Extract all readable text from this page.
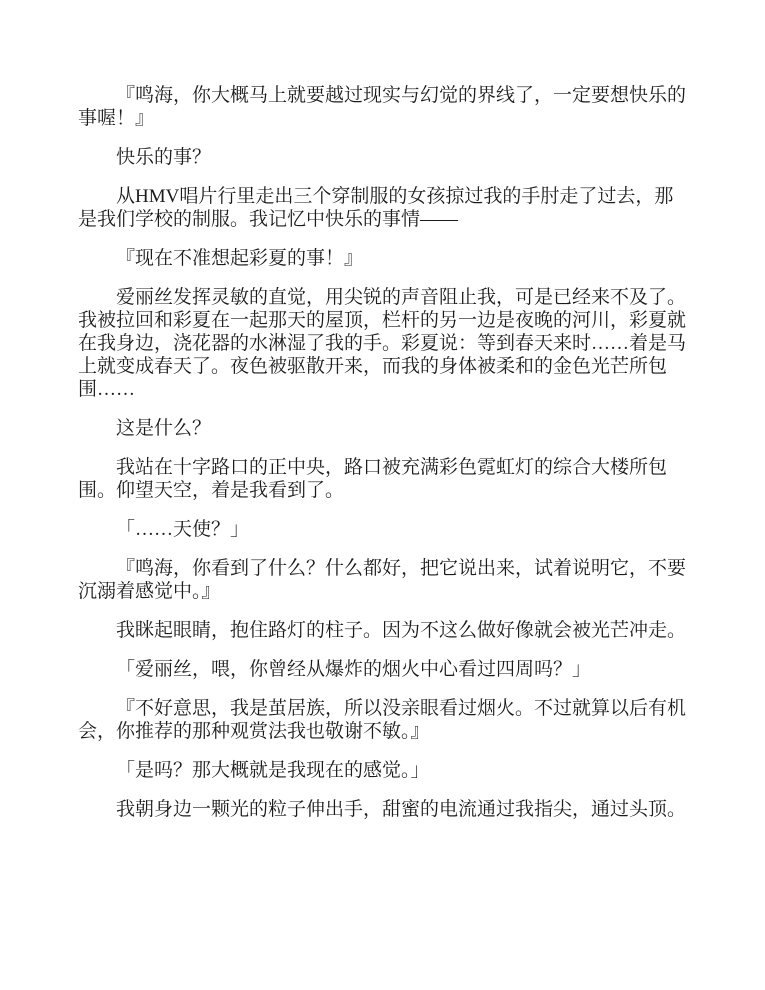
『鸣海，你大概马上就要越过现实与幻觉的界线了，一定要想快乐的事喔！』

快乐的事？

从HMV唱片行里走出三个穿制服的女孩掠过我的手肘走了过去，那是我们学校的制服。我记忆中快乐的事情——

『现在不准想起彩夏的事！』

爱丽丝发挥灵敏的直觉，用尖锐的声音阻止我，可是已经来不及了。我被拉回和彩夏在一起那天的屋顶，栏杆的另一边是夜晚的河川，彩夏就在我身边，浇花器的水淋湿了我的手。彩夏说：等到春天来时……着是马上就变成春天了。夜色被驱散开来，而我的身体被柔和的金色光芒所包围……

这是什么？

我站在十字路口的正中央，路口被充满彩色霓虹灯的综合大楼所包围。仰望天空，着是我看到了。

「……天使？」

『鸣海，你看到了什么？什么都好，把它说出来，试着说明它，不要沉溺着感觉中。』

我眯起眼睛，抱住路灯的柱子。因为不这么做好像就会被光芒冲走。

「爱丽丝，喂，你曾经从爆炸的烟火中心看过四周吗？」

『不好意思，我是茧居族，所以没亲眼看过烟火。不过就算以后有机会，你推荐的那种观赏法我也敬谢不敏。』

「是吗？那大概就是我现在的感觉。」

我朝身边一颗光的粒子伸出手，甜蜜的电流通过我指尖，通过头顶。
